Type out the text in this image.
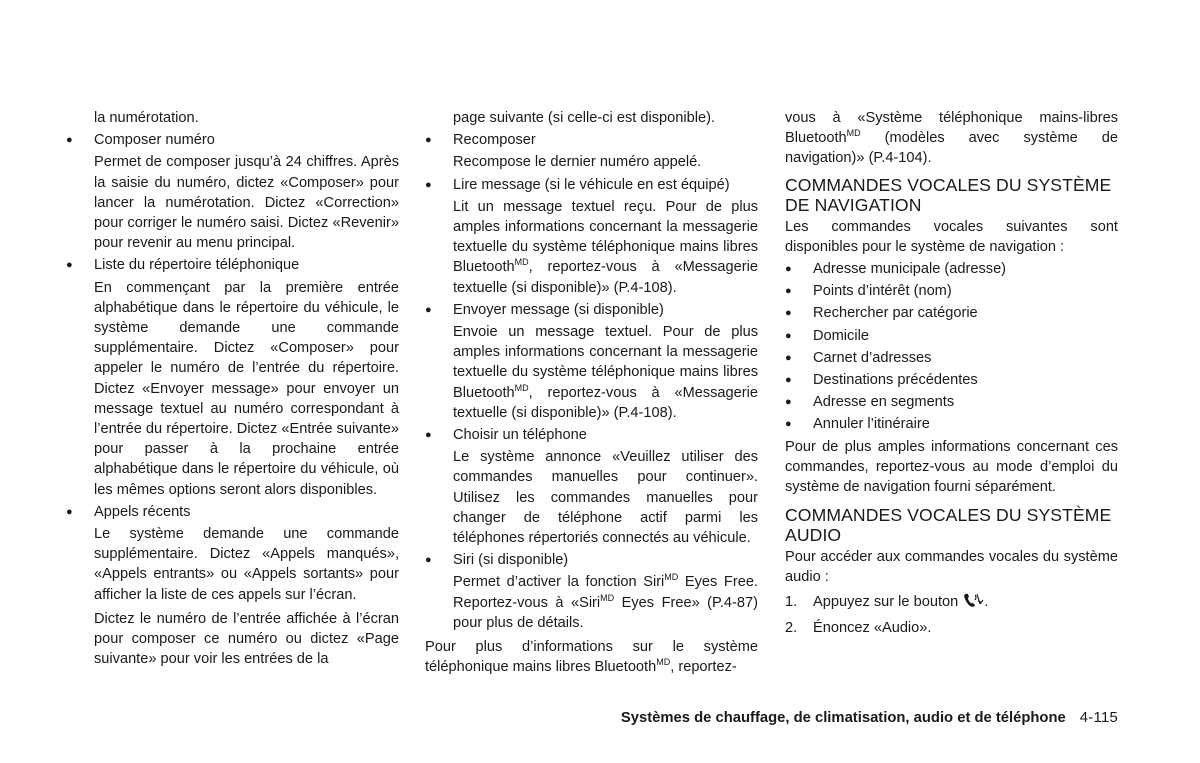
la numérotation.

●	Composer numéro

Permet de composer jusqu’à 24 chiffres. Après la saisie du numéro, dictez «Composer» pour lancer la numérotation. Dictez «Correction» pour corriger le numéro saisi. Dictez «Revenir» pour revenir au menu principal.

●	Liste du répertoire téléphonique

En commençant par la première entrée alphabétique dans le répertoire du véhicule, le système demande une commande supplémentaire. Dictez «Composer» pour appeler le numéro de l’entrée du répertoire. Dictez «Envoyer message» pour envoyer un message textuel au numéro correspondant à l’entrée du répertoire. Dictez «Entrée suivante» pour passer à la prochaine entrée alphabétique dans le répertoire du véhicule, où les mêmes options seront alors disponibles.

●	Appels récents

Le système demande une commande supplémentaire. Dictez «Appels manqués», «Appels entrants» ou «Appels sortants» pour afficher la liste de ces appels sur l’écran.

Dictez le numéro de l’entrée affichée à l’écran pour composer ce numéro ou dictez «Page suivante» pour voir les entrées de la

page suivante (si celle-ci est disponible).

●	Recomposer

Recompose le dernier numéro appelé.

●	Lire message (si le véhicule en est équipé)

Lit un message textuel reçu. Pour de plus amples informations concernant la messagerie textuelle du système téléphonique mains libres Bluetooth$^{MD}$, reportez-vous à «Messagerie textuelle (si disponible)» (P.4-108).

●	Envoyer message (si disponible)

Envoie un message textuel. Pour de plus amples informations concernant la messagerie textuelle du système téléphonique mains libres Bluetooth$^{MD}$, reportez-vous à «Messagerie textuelle (si disponible)» (P.4-108).

●	Choisir un téléphone

Le système annonce «Veuillez utiliser des commandes manuelles pour continuer». Utilisez les commandes manuelles pour changer de téléphone actif parmi les téléphones répertoriés connectés au véhicule.

●	Siri (si disponible)

Permet d’activer la fonction Siri$^{MD}$ Eyes Free. Reportez-vous à «Siri$^{MD}$ Eyes Free» (P.4-87) pour plus de détails.

Pour plus d’informations sur le système téléphonique mains libres Bluetooth$^{MD}$, reportez-

vous à «Système téléphonique mains-libres Bluetooth$^{MD}$ (modèles avec système de navigation)» (P.4-104).

COMMANDES VOCALES DU SYSTÈME DE NAVIGATION

Les commandes vocales suivantes sont disponibles pour le système de navigation :

●	Adresse municipale (adresse)

●	Points d’intérêt (nom)

●	Rechercher par catégorie

●	Domicile

●	Carnet d’adresses

●	Destinations précédentes

●	Adresse en segments

●	Annuler l’itinéraire

Pour de plus amples informations concernant ces commandes, reportez-vous au mode d’emploi du système de navigation fourni séparément.

COMMANDES VOCALES DU SYSTÈME AUDIO

Pour accéder aux commandes vocales du système audio :

1.	Appuyez sur le bouton .

2.	Énoncez «Audio».

Systèmes de chauffage, de climatisation, audio et de téléphone 4-115
